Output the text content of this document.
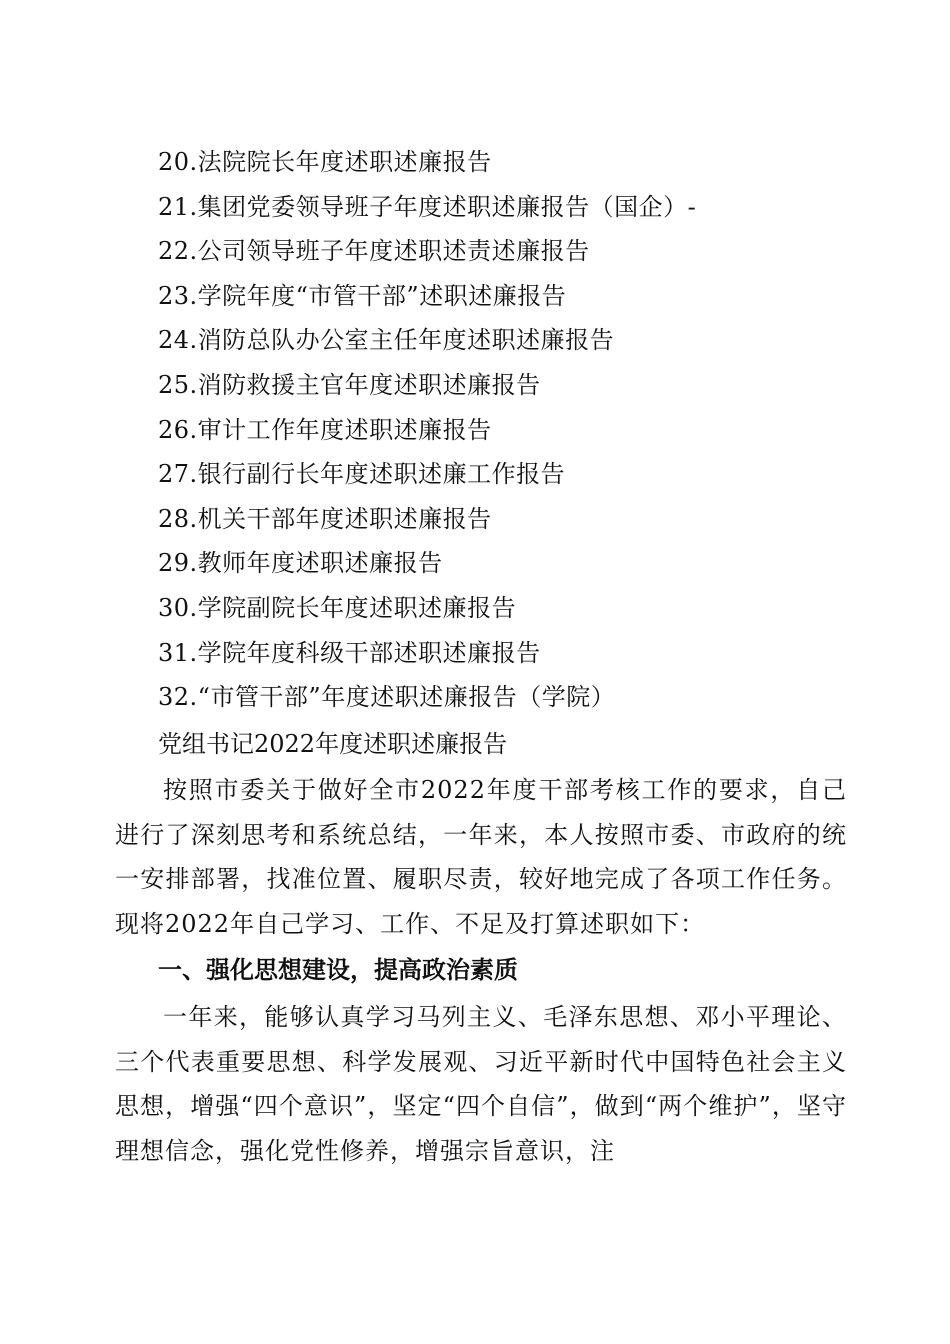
20.法院院长年度述职述廉报告
21.集团党委领导班子年度述职述廉报告（国企）-
22.公司领导班子年度述职述责述廉报告
23.学院年度“市管干部”述职述廉报告
24.消防总队办公室主任年度述职述廉报告
25.消防救援主官年度述职述廉报告
26.审计工作年度述职述廉报告
27.银行副行长年度述职述廉工作报告
28.机关干部年度述职述廉报告
29.教师年度述职述廉报告
30.学院副院长年度述职述廉报告
31.学院年度科级干部述职述廉报告
32.“市管干部”年度述职述廉报告（学院）
党组书记2022年度述职述廉报告

按照市委关于做好全市2022年度干部考核工作的要求，自己进行了深刻思考和系统总结，一年来，本人按照市委、市政府的统一安排部署，找准位置、履职尽责，较好地完成了各项工作任务。现将2022年自己学习、工作、不足及打算述职如下：

一、强化思想建设，提高政治素质

一年来，能够认真学习马列主义、毛泽东思想、邓小平理论、三个代表重要思想、科学发展观、习近平新时代中国特色社会主义思想，增强“四个意识”，坚定“四个自信”，做到“两个维护”，坚守理想信念，强化党性修养，增强宗旨意识，注
